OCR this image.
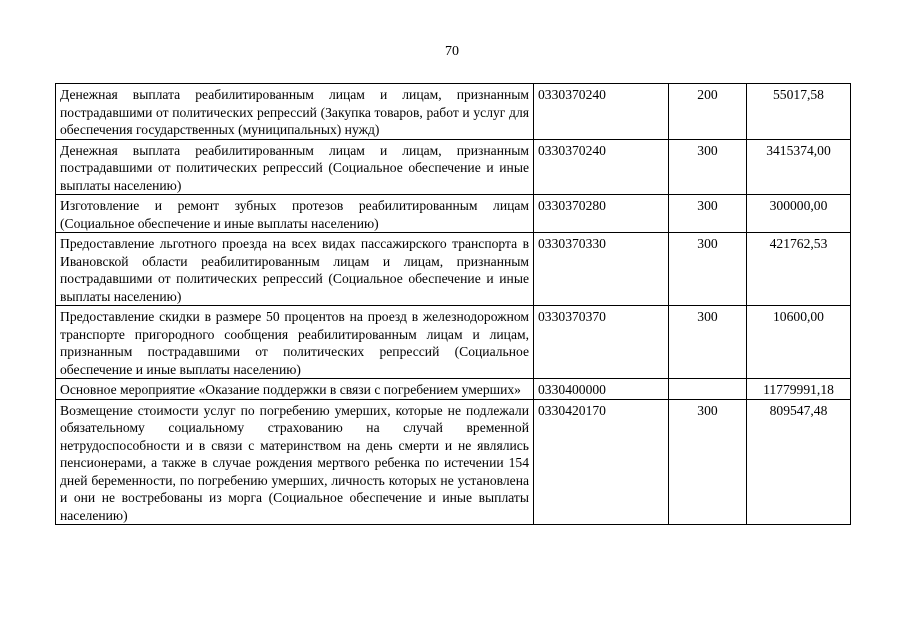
70
Денежная выплата реабилитированным лицам и лицам, признанным пострадавшими от политических репрессий (Закупка товаров, работ и услуг для обеспечения государственных (муниципальных) нужд)	0330370240	200	55017,58
Денежная выплата реабилитированным лицам и лицам, признанным пострадавшими от политических репрессий (Социальное обеспечение и иные выплаты населению)	0330370240	300	3415374,00
Изготовление и ремонт зубных протезов реабилитированным лицам (Социальное обеспечение и иные выплаты населению)	0330370280	300	300000,00
Предоставление льготного проезда на всех видах пассажирского транспорта в Ивановской области реабилитированным лицам и лицам, признанным пострадавшими от политических репрессий (Социальное обеспечение и иные выплаты населению)	0330370330	300	421762,53
Предоставление скидки в размере 50 процентов на проезд в железнодорожном транспорте пригородного сообщения реабилитированным лицам и лицам, признанным пострадавшими от политических репрессий (Социальное обеспечение и иные выплаты населению)	0330370370	300	10600,00
Основное мероприятие «Оказание поддержки в связи с погребением умерших»	0330400000		11779991,18
Возмещение стоимости услуг по погребению умерших, которые не подлежали обязательному социальному страхованию на случай временной нетрудоспособности и в связи с материнством на день смерти и не являлись пенсионерами, а также в случае рождения мертвого ребенка по истечении 154 дней беременности, по погребению умерших, личность которых не установлена и они не востребованы из морга (Социальное обеспечение и иные выплаты населению)	0330420170	300	809547,48
